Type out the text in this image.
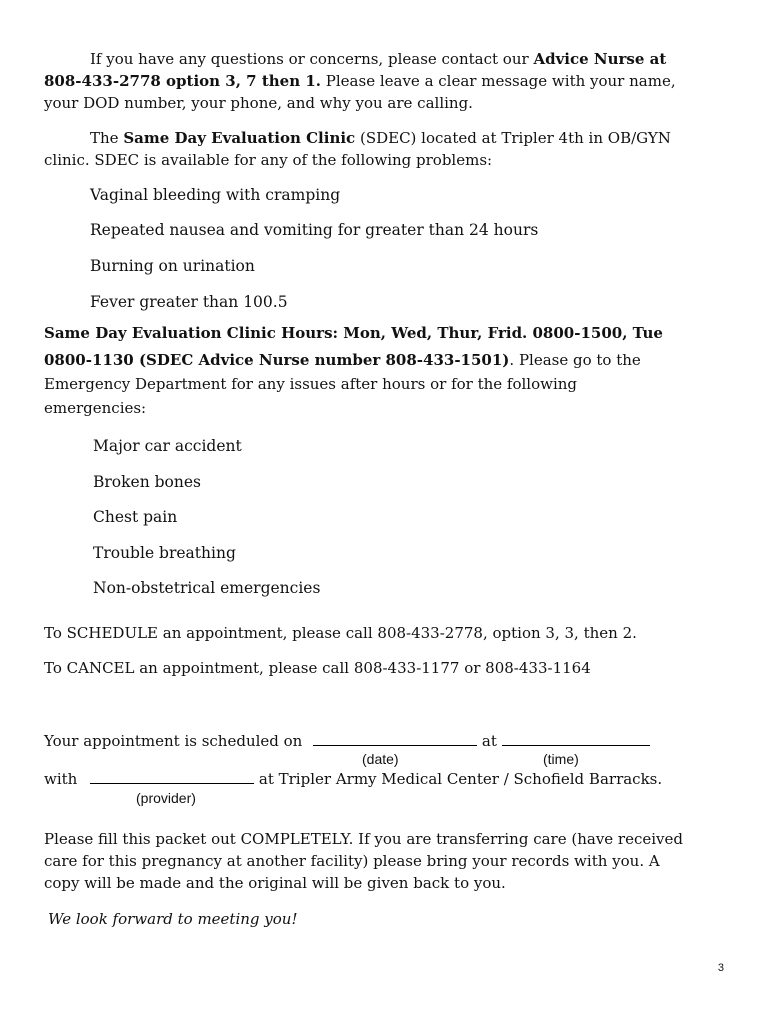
If you have any questions or concerns, please contact our Advice Nurse at
808-433-2778 option 3, 7 then 1. Please leave a clear message with your name,
your DOD number, your phone, and why you are calling.
The Same Day Evaluation Clinic (SDEC) located at Tripler 4th in OB/GYN
clinic. SDEC is available for any of the following problems:
Vaginal bleeding with cramping
Repeated nausea and vomiting for greater than 24 hours
Burning on urination
Fever greater than 100.5
Same Day Evaluation Clinic Hours: Mon, Wed, Thur, Frid. 0800-1500, Tue
0800-1130 (SDEC Advice Nurse number 808-433-1501). Please go to the
Emergency Department for any issues after hours or for the following
emergencies:
Major car accident
Broken bones
Chest pain
Trouble breathing
Non-obstetrical emergencies
To SCHEDULE an appointment, please call 808-433-2778, option 3, 3, then 2.
To CANCEL an appointment, please call 808-433-1177 or 808-433-1164
Your appointment is scheduled on	at
(date)	(time)
with	at Tripler Army Medical Center / Schofield Barracks.
(provider)
Please fill this packet out COMPLETELY. If you are transferring care (have received
care for this pregnancy at another facility) please bring your records with you. A
copy will be made and the original will be given back to you.
We look forward to meeting you!
3
